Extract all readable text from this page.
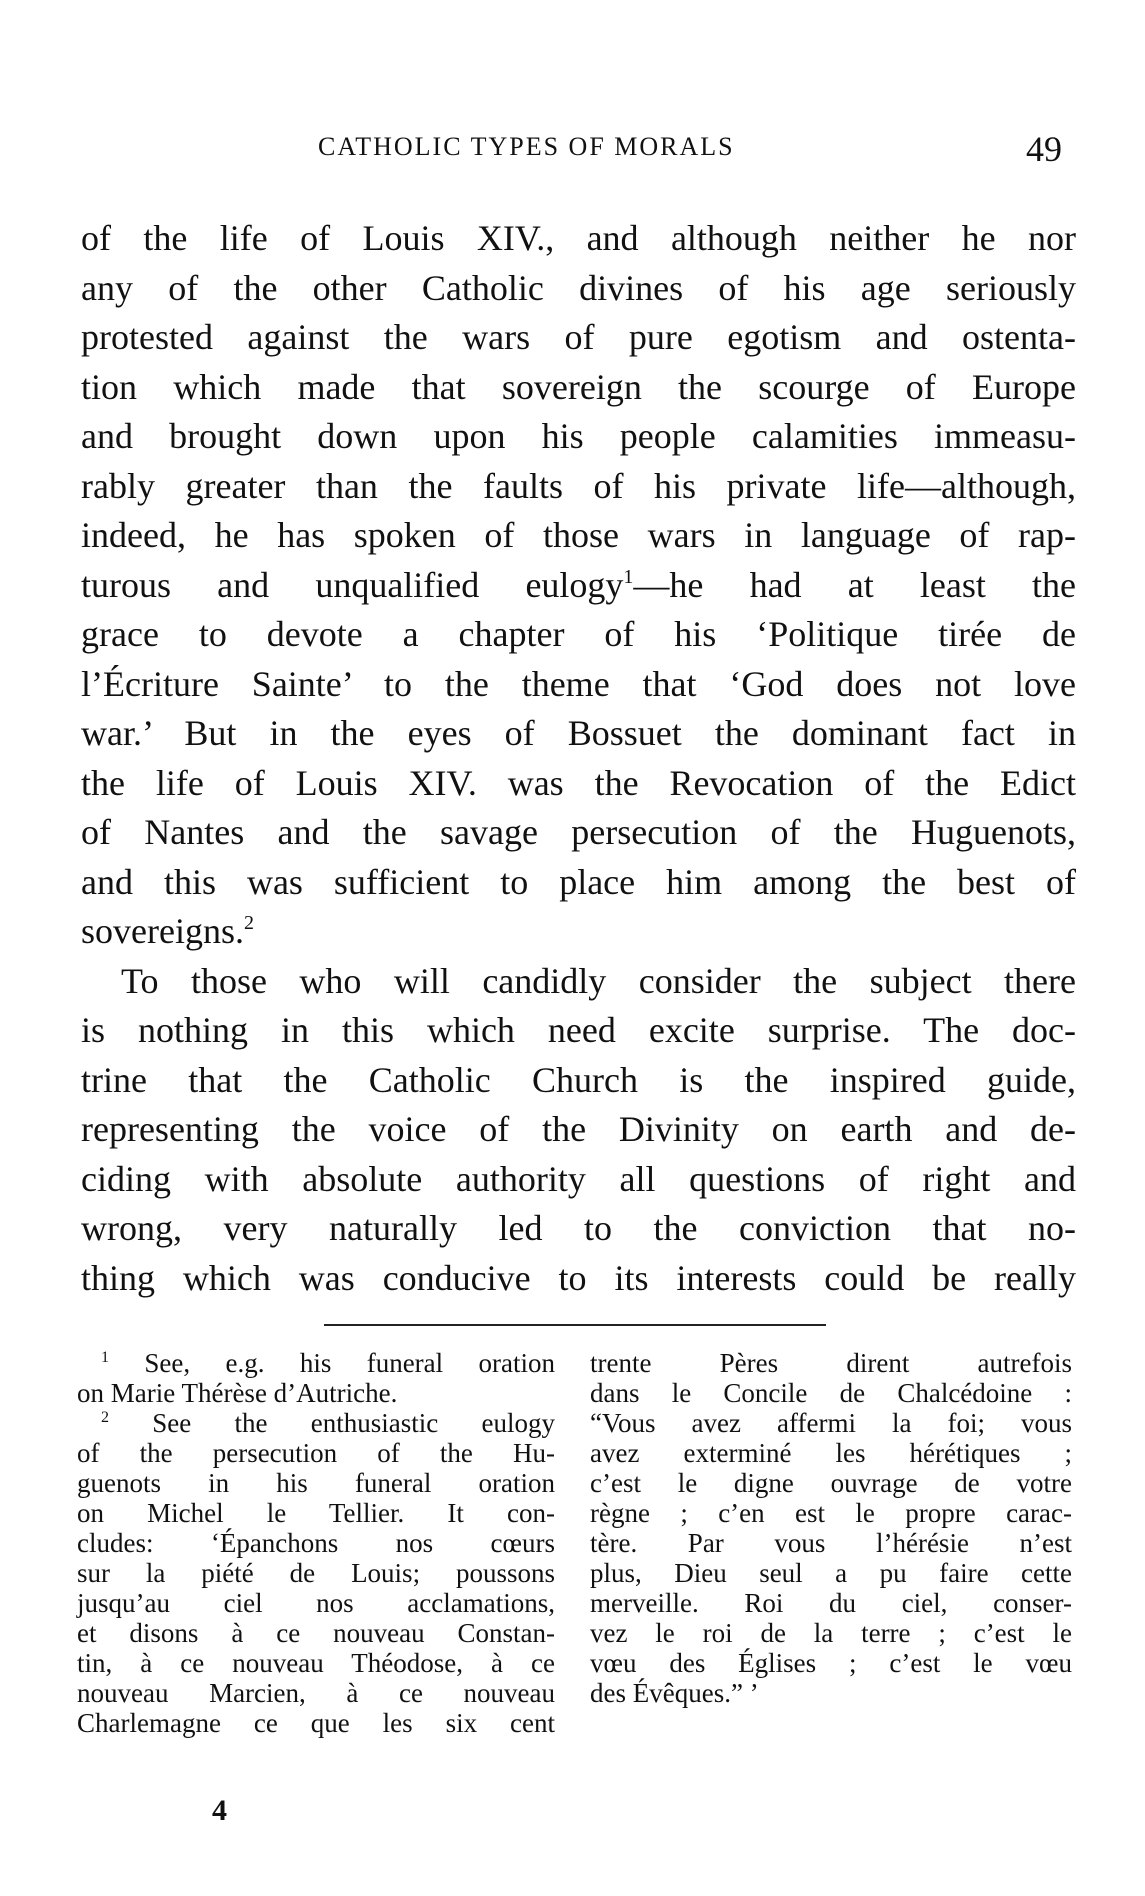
CATHOLIC TYPES OF MORALS	49
of the life of Louis XIV., and although neither he nor
any of the other Catholic divines of his age seriously
protested against the wars of pure egotism and ostenta-
tion which made that sovereign the scourge of Europe
and brought down upon his people calamities immeasu-
rably greater than the faults of his private life—although,
indeed, he has spoken of those wars in language of rap-
turous and unqualified eulogy$^1$—he had at least the
grace to devote a chapter of his ‘Politique tirée de
l’Écriture Sainte’ to the theme that ‘God does not love
war.’ But in the eyes of Bossuet the dominant fact in
the life of Louis XIV. was the Revocation of the Edict
of Nantes and the savage persecution of the Huguenots,
and this was sufficient to place him among the best of
sovereigns.$^2$
To those who will candidly consider the subject there
is nothing in this which need excite surprise. The doc-
trine that the Catholic Church is the inspired guide,
representing the voice of the Divinity on earth and de-
ciding with absolute authority all questions of right and
wrong, very naturally led to the conviction that no-
thing which was conducive to its interests could be really
$^1$ See, e.g. his funeral oration
on Marie Thérèse d’Autriche.
$^2$ See the enthusiastic eulogy
of the persecution of the Hu-
guenots in his funeral oration
on Michel le Tellier. It con-
cludes: ‘Épanchons nos cœurs
sur la piété de Louis; poussons
jusqu’au ciel nos acclamations,
et disons à ce nouveau Constan-
tin, à ce nouveau Théodose, à ce
nouveau Marcien, à ce nouveau
Charlemagne ce que les six cent
trente Pères dirent autrefois
dans le Concile de Chalcédoine :
“Vous avez affermi la foi; vous
avez exterminé les hérétiques ;
c’est le digne ouvrage de votre
règne ; c’en est le propre carac-
tère. Par vous l’hérésie n’est
plus, Dieu seul a pu faire cette
merveille. Roi du ciel, conser-
vez le roi de la terre ; c’est le
vœu des Églises ; c’est le vœu
des Évêques.” ’
4
